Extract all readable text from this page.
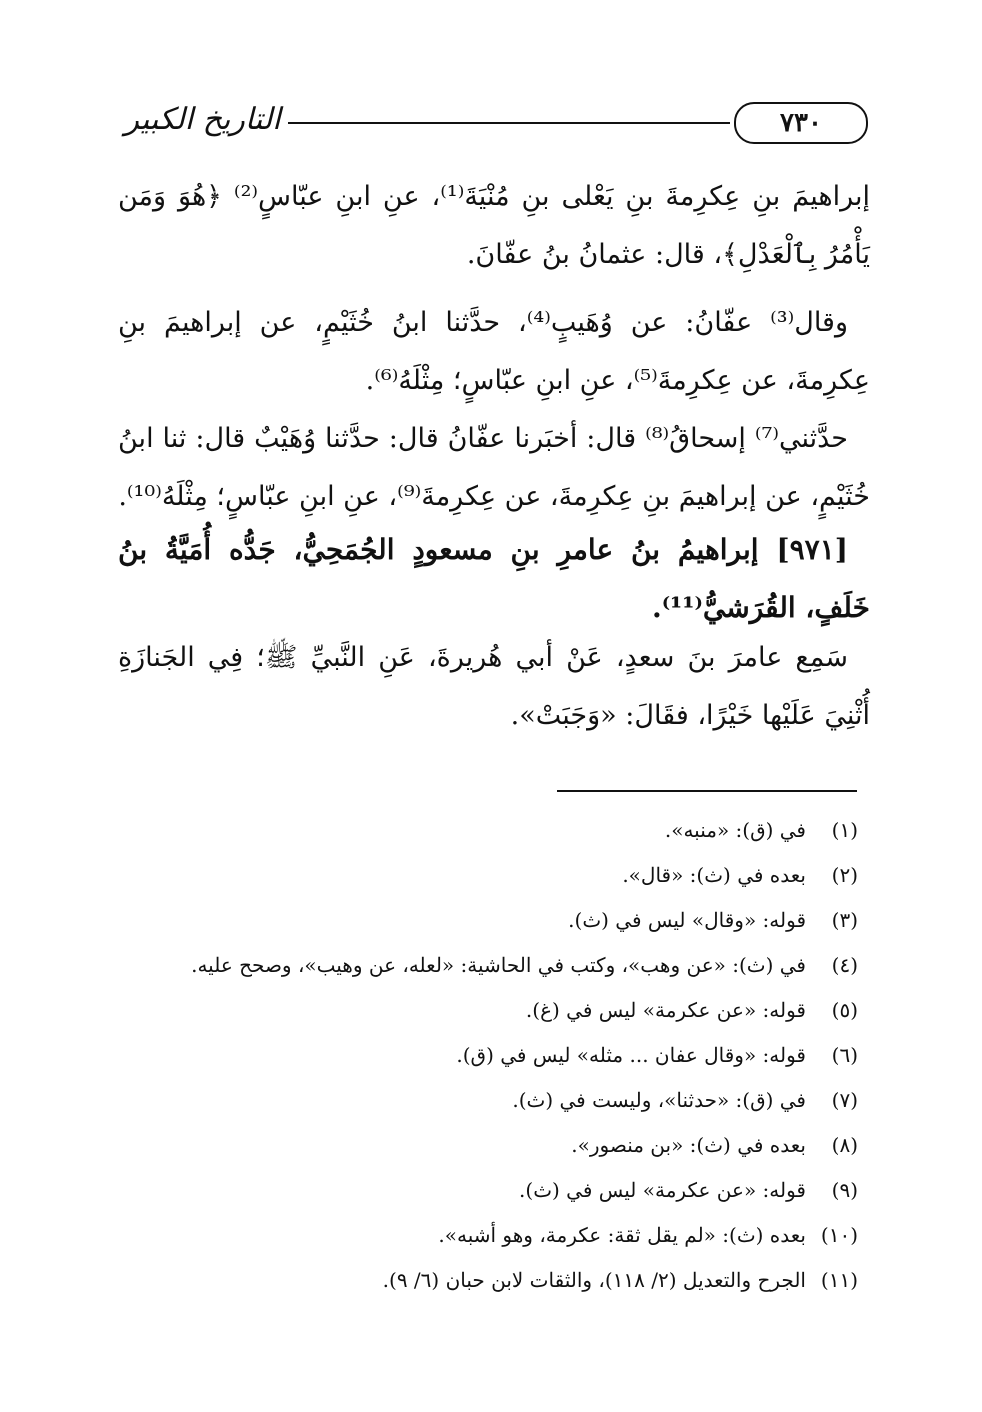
التاريخ الكبير	٧٣٠
إبراهيمَ بنِ عِكرِمةَ بنِ يَعْلى بنِ مُنْيَةَ⁽¹⁾، عنِ ابنِ عبّاسٍ⁽²⁾ ﴿هُوَ وَمَن يَأْمُرُ بِٱلْعَدْلِ﴾، قال: عثمانُ بنُ عفّانَ.
وقال⁽³⁾ عفّانُ: عن وُهَيبٍ⁽⁴⁾، حدَّثنا ابنُ خُثَيْمٍ، عن إبراهيمَ بنِ عِكرِمةَ، عن عِكرِمةَ⁽⁵⁾، عنِ ابنِ عبّاسٍ؛ مِثْلَهُ⁽⁶⁾.
حدَّثني⁽⁷⁾ إسحاقُ⁽⁸⁾ قال: أخبَرنا عفّانُ قال: حدَّثنا وُهَيْبٌ قال: ثنا ابنُ خُثَيْمٍ، عن إبراهيمَ بنِ عِكرِمةَ، عن عِكرِمةَ⁽⁹⁾، عنِ ابنِ عبّاسٍ؛ مِثْلَهُ⁽¹⁰⁾.
[٩٧١] إبراهيمُ بنُ عامرِ بنِ مسعودٍ الجُمَحِيُّ، جَدُّه أُمَيَّةُ بنُ خَلَفٍ، القُرَشيُّ⁽¹¹⁾.
سَمِع عامرَ بنَ سعدٍ، عَنْ أبي هُريرةَ، عَنِ النَّبيِّ ﷺ؛ فِي الجَنازَةِ أُثْنِيَ عَلَيْها خَيْرًا، فقَالَ: «وَجَبَتْ».
(١)في (ق): «منبه».
(٢)بعده في (ث): «قال».
(٣)قوله: «وقال» ليس في (ث).
(٤)في (ث): «عن وهب»، وكتب في الحاشية: «لعله، عن وهيب»، وصحح عليه.
(٥)قوله: «عن عكرمة» ليس في (غ).
(٦)قوله: «وقال عفان ... مثله» ليس في (ق).
(٧)في (ق): «حدثنا»، وليست في (ث).
(٨)بعده في (ث): «بن منصور».
(٩)قوله: «عن عكرمة» ليس في (ث).
(١٠)بعده (ث): «لم يقل ثقة: عكرمة، وهو أشبه».
(١١)الجرح والتعديل (٢/ ١١٨)، والثقات لابن حبان (٦/ ٩).
